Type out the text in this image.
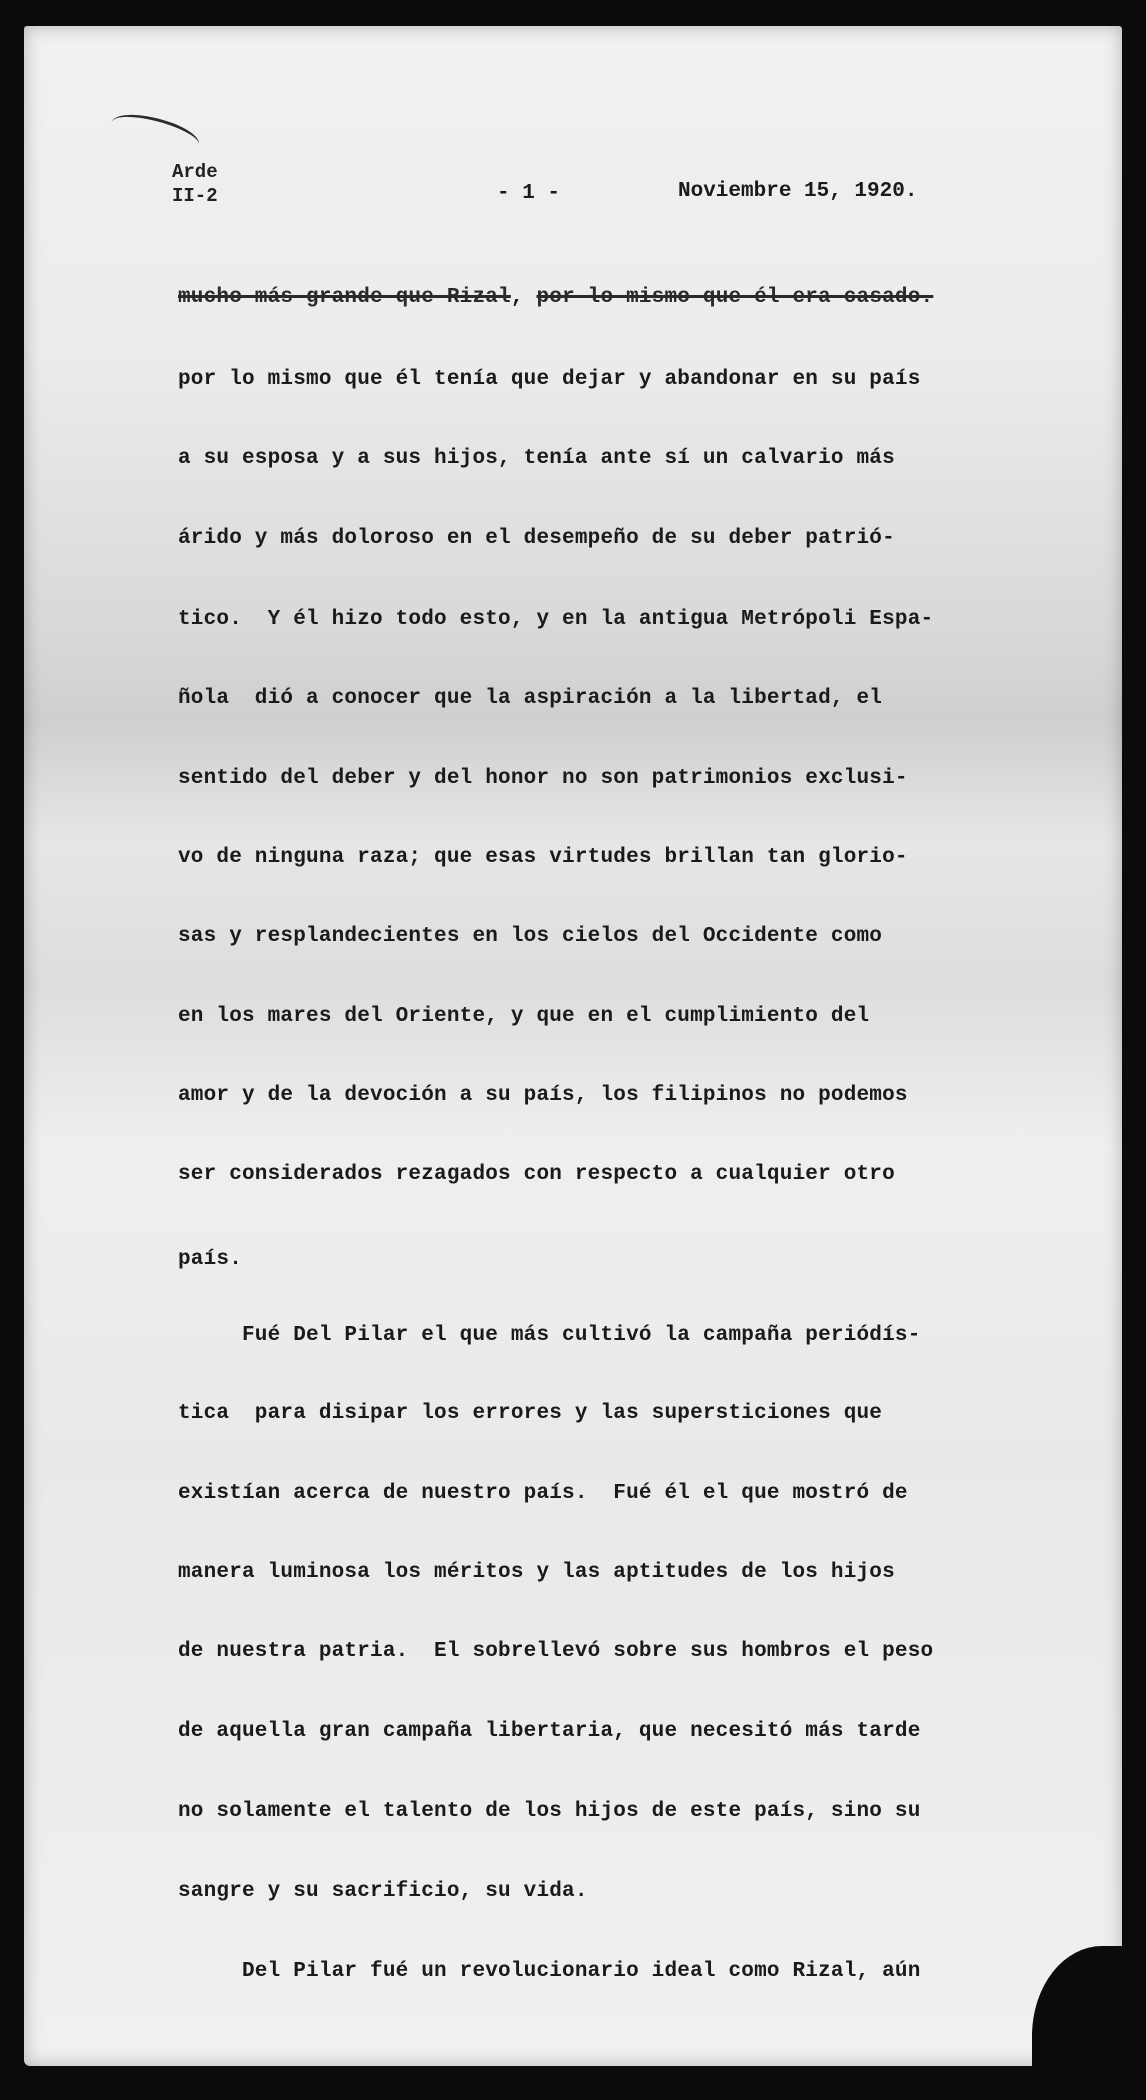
Arde
II-2	- 1 -	Noviembre 15, 1920.
mucho más grande que Rizal, por lo mismo que él era casado.
por lo mismo que él tenía que dejar y abandonar en su país
a su esposa y a sus hijos, tenía ante sí un calvario más
árido y más doloroso en el desempeño de su deber patrió-
tico.  Y él hizo todo esto, y en la antigua Metrópoli Espa-
ñola  dió a conocer que la aspiración a la libertad, el
sentido del deber y del honor no son patrimonios exclusi-
vo de ninguna raza; que esas virtudes brillan tan glorio-
sas y resplandecientes en los cielos del Occidente como
en los mares del Oriente, y que en el cumplimiento del
amor y de la devoción a su país, los filipinos no podemos
ser considerados rezagados con respecto a cualquier otro
país.
Fué Del Pilar el que más cultivó la campaña periódís-
tica  para disipar los errores y las supersticiones que
existían acerca de nuestro país.  Fué él el que mostró de
manera luminosa los méritos y las aptitudes de los hijos
de nuestra patria.  El sobrellevó sobre sus hombros el peso
de aquella gran campaña libertaria, que necesitó más tarde
no solamente el talento de los hijos de este país, sino su
sangre y su sacrificio, su vida.
Del Pilar fué un revolucionario ideal como Rizal, aún
